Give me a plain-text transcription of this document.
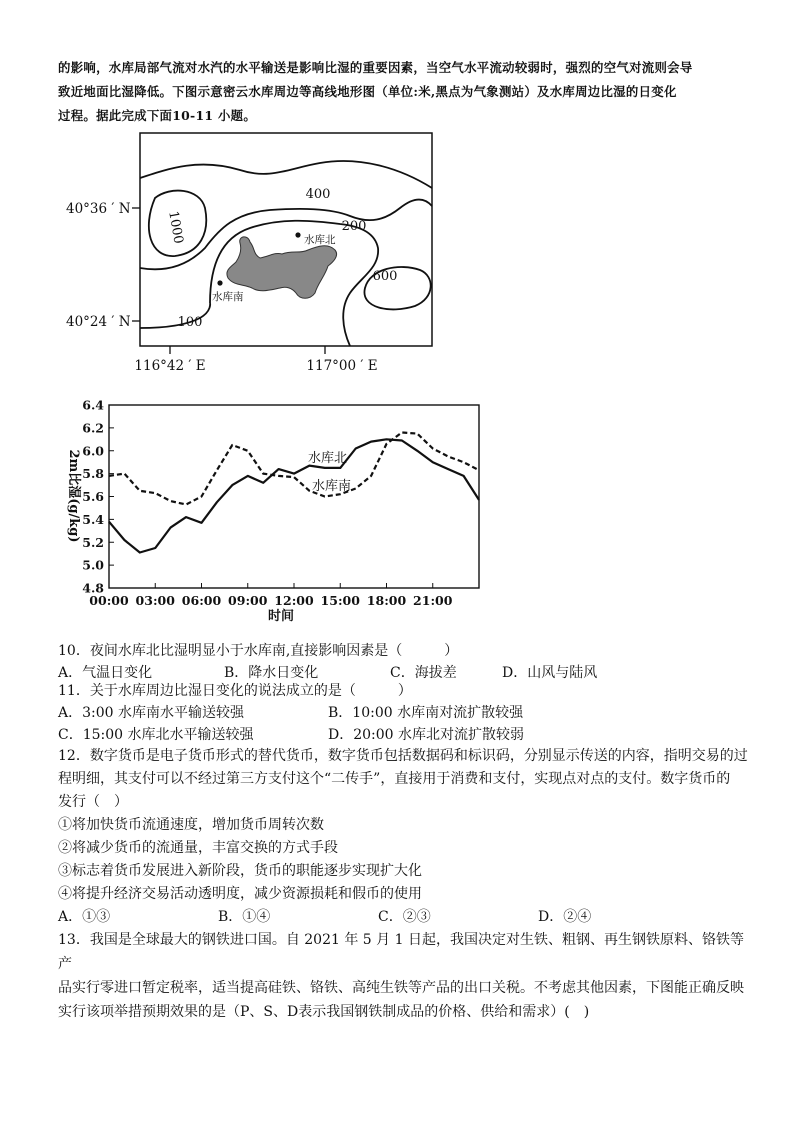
的影响，水库局部气流对水汽的水平输送是影响比湿的重要因素，当空气水平流动较弱时，强烈的空气对流则会导

致近地面比湿降低。下图示意密云水库周边等高线地形图（单位:米,黑点为气象测站）及水库周边比湿的日变化

过程。据此完成下面10-11 小题。

400
1000	200
600
100
水库北
水库南
40°36 ′ N
40°24 ′ N
116°42 ′ E	117°00 ′ E
4.8
5.0
5.2
5.4
5.6
5.8
6.0
6.2
6.4
00:00 03:00 06:00 09:00 12:00 15:00 18:00 21:00
时间
2m比湿(g/kg)	水库北
水库南

10．夜间水库北比湿明显小于水库南,直接影响因素是（　　　）

A．气温日变化	B．降水日变化	C．海拔差	D．山风与陆风

11．关于水库周边比湿日变化的说法成立的是（　　　）

A．3:00 水库南水平输送较强	B．10:00 水库南对流扩散较强
C．15:00 水库北水平输送较强	D．20:00 水库北对流扩散较弱

12．数字货币是电子货币形式的替代货币，数字货币包括数据码和标识码，分别显示传送的内容，指明交易的过

程明细，其支付可以不经过第三方支付这个“二传手”，直接用于消费和支付，实现点对点的支付。数字货币的

发行（　）

①将加快货币流通速度，增加货币周转次数

②将减少货币的流通量，丰富交换的方式手段

③标志着货币发展进入新阶段，货币的职能逐步实现扩大化

④将提升经济交易活动透明度，减少资源损耗和假币的使用

A．①③	B．①④	C．②③	D．②④

13．我国是全球最大的钢铁进口国。自 2021 年 5 月 1 日起，我国决定对生铁、粗钢、再生钢铁原料、铬铁等产

品实行零进口暂定税率，适当提高硅铁、铬铁、高纯生铁等产品的出口关税。不考虑其他因素，下图能正确反映

实行该项举措预期效果的是（P、S、D表示我国钢铁制成品的价格、供给和需求）(　)
